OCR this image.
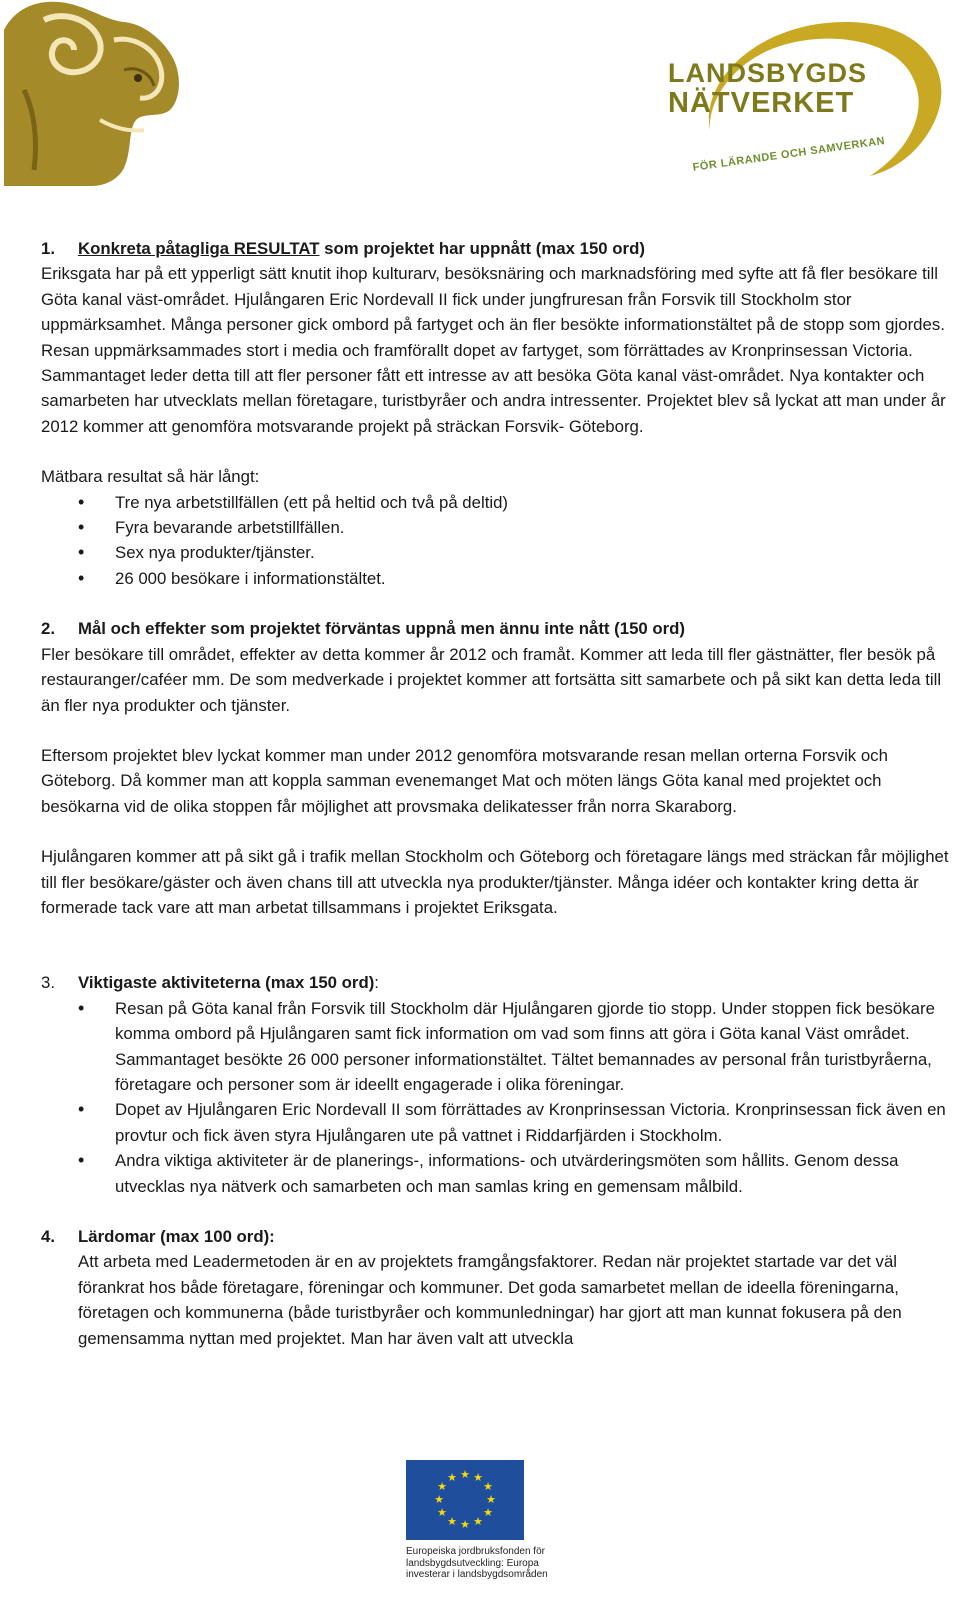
LANDSBYGDS
NÄTVERKET
FÖR LÄRANDE OCH SAMVERKAN

1. Konkreta påtagliga RESULTAT som projektet har uppnått (max 150 ord)

Eriksgata har på ett ypperligt sätt knutit ihop kulturarv, besöksnäring och marknadsföring med syfte att få fler besökare till Göta kanal väst-området. Hjulångaren Eric Nordevall II fick under jungfruresan från Forsvik till Stockholm stor uppmärksamhet. Många personer gick ombord på fartyget och än fler besökte informationstältet på de stopp som gjordes. Resan uppmärksammades stort i media och framförallt dopet av fartyget, som förrättades av Kronprinsessan Victoria. Sammantaget leder detta till att fler personer fått ett intresse av att besöka Göta kanal väst-området. Nya kontakter och samarbeten har utvecklats mellan företagare, turistbyråer och andra intressenter. Projektet blev så lyckat att man under år 2012 kommer att genomföra motsvarande projekt på sträckan Forsvik- Göteborg.

Mätbara resultat så här långt:

• Tre nya arbetstillfällen (ett på heltid och två på deltid)
• Fyra bevarande arbetstillfällen.
• Sex nya produkter/tjänster.
• 26 000 besökare i informationstältet.

2. Mål och effekter som projektet förväntas uppnå men ännu inte nått (150 ord)

Fler besökare till området, effekter av detta kommer år 2012 och framåt. Kommer att leda till fler gästnätter, fler besök på restauranger/caféer mm. De som medverkade i projektet kommer att fortsätta sitt samarbete och på sikt kan detta leda till än fler nya produkter och tjänster.

Eftersom projektet blev lyckat kommer man under 2012 genomföra motsvarande resan mellan orterna Forsvik och Göteborg. Då kommer man att koppla samman evenemanget Mat och möten längs Göta kanal med projektet och besökarna vid de olika stoppen får möjlighet att provsmaka delikatesser från norra Skaraborg.

Hjulångaren kommer att på sikt gå i trafik mellan Stockholm och Göteborg och företagare längs med sträckan får möjlighet till fler besökare/gäster och även chans till att utveckla nya produkter/tjänster. Många idéer och kontakter kring detta är formerade tack vare att man arbetat tillsammans i projektet Eriksgata.

3. Viktigaste aktiviteterna (max 150 ord):

• Resan på Göta kanal från Forsvik till Stockholm där Hjulångaren gjorde tio stopp. Under stoppen fick besökare komma ombord på Hjulångaren samt fick information om vad som finns att göra i Göta kanal Väst området. Sammantaget besökte 26 000 personer informationstältet. Tältet bemannades av personal från turistbyråerna, företagare och personer som är ideellt engagerade i olika föreningar.
• Dopet av Hjulångaren Eric Nordevall II som förrättades av Kronprinsessan Victoria. Kronprinsessan fick även en provtur och fick även styra Hjulångaren ute på vattnet i Riddarfjärden i Stockholm.
• Andra viktiga aktiviteter är de planerings-, informations- och utvärderingsmöten som hållits. Genom dessa utvecklas nya nätverk och samarbeten och man samlas kring en gemensam målbild.

4. Lärdomar (max 100 ord):

Att arbeta med Leadermetoden är en av projektets framgångsfaktorer. Redan när projektet startade var det väl förankrat hos både företagare, föreningar och kommuner. Det goda samarbetet mellan de ideella föreningarna, företagen och kommunerna (både turistbyråer och kommunledningar) har gjort att man kunnat fokusera på den gemensamma nyttan med projektet. Man har även valt att utveckla

★ ★
★
★
★
★
★
★
★
★
★
★
Europeiska jordbruksfonden för landsbygdsutveckling: Europa investerar i landsbygdsområden
